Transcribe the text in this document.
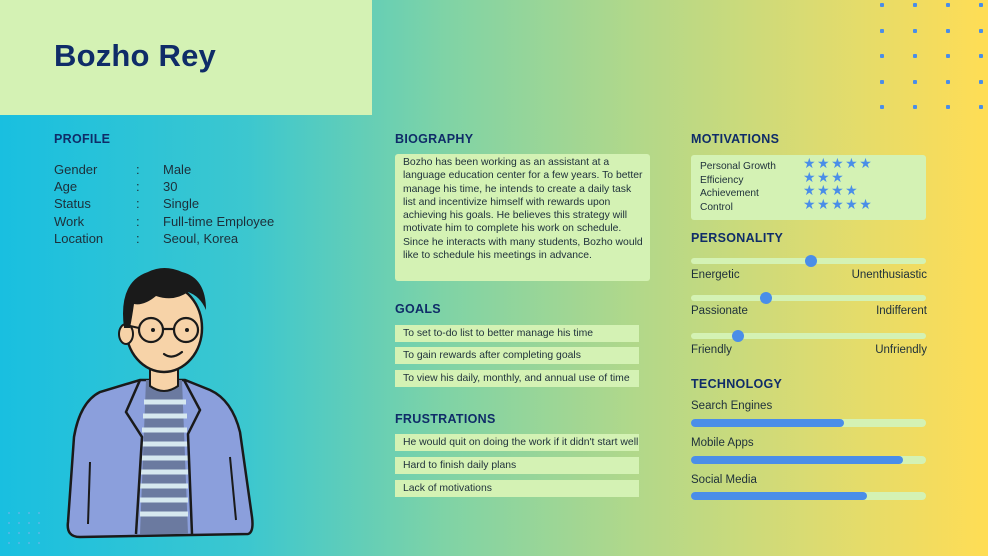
Bozho Rey
PROFILE
Gender	: Male
Age	: 30
Status	: Single
Work	: Full-time Employee
Location	: Seoul, Korea
BIOGRAPHY
Bozho has been working as an assistant at a language education center for a few years. To better manage his time, he intends to create a daily task list and incentivize himself with rewards upon achieving his goals. He believes this strategy will motivate him to complete his work on schedule. Since he interacts with many students, Bozho would like to schedule his meetings in advance.
GOALS
To set to-do list to better manage his time
To gain rewards after completing goals
To view his daily, monthly, and annual use of time
FRUSTRATIONS
He would quit on doing the work if it didn't start well
Hard to finish daily plans
Lack of motivations
MOTIVATIONS
Personal Growth ★★★★★
Efficiency	★★★
Achievement	★★★★
Control	★★★★★
PERSONALITY
Energetic	Unenthusiastic
Passionate	Indifferent
Friendly	Unfriendly
TECHNOLOGY
Search Engines
Mobile Apps
Social Media
